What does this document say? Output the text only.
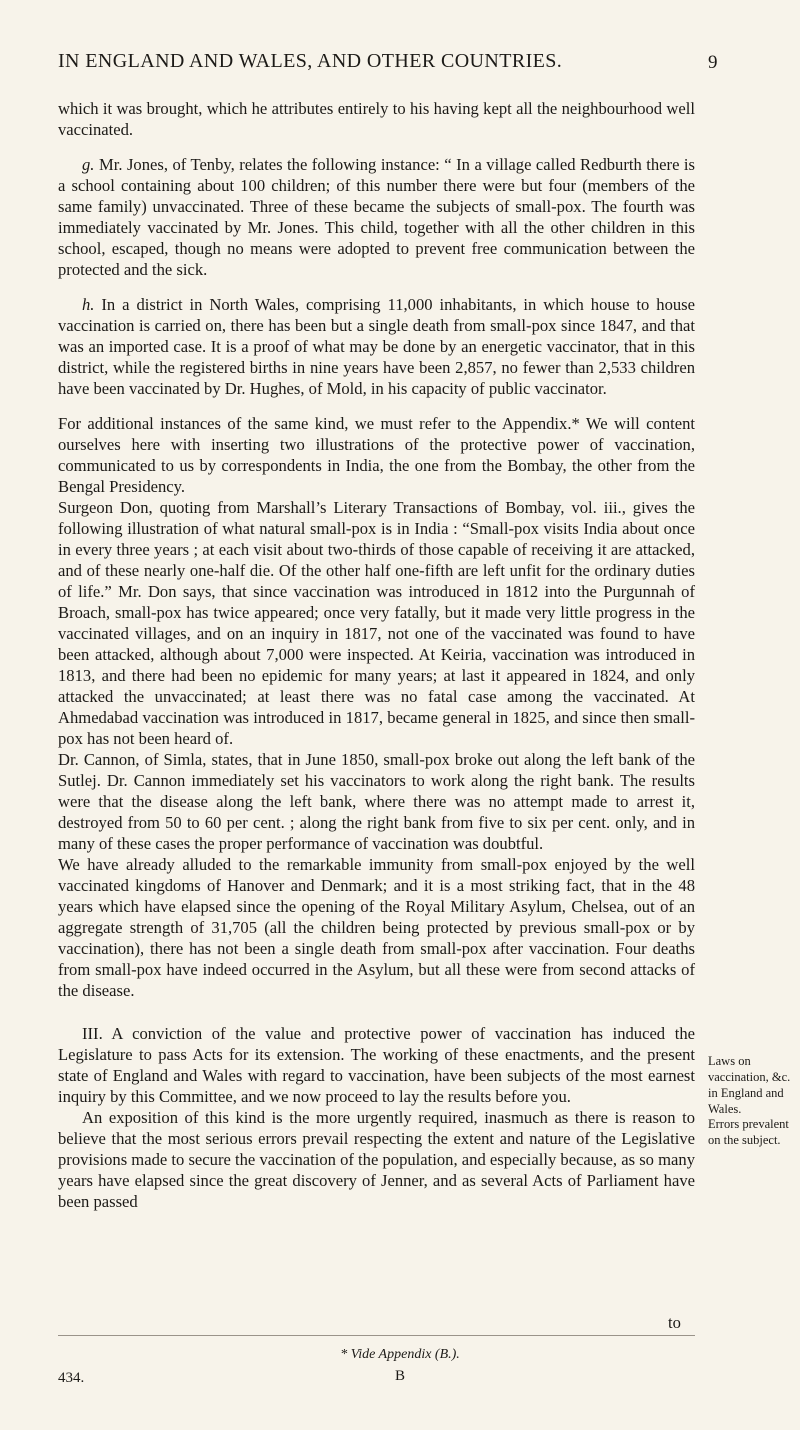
IN ENGLAND AND WALES, AND OTHER COUNTRIES.	9

which it was brought, which he attributes entirely to his having kept all the neighbourhood well vaccinated.

g. Mr. Jones, of Tenby, relates the following instance: “ In a village called Redburth there is a school containing about 100 children; of this number there were but four (members of the same family) unvaccinated. Three of these became the subjects of small-pox. The fourth was immediately vaccinated by Mr. Jones. This child, together with all the other children in this school, escaped, though no means were adopted to prevent free communication between the protected and the sick.

h. In a district in North Wales, comprising 11,000 inhabitants, in which house to house vaccination is carried on, there has been but a single death from small-pox since 1847, and that was an imported case. It is a proof of what may be done by an energetic vaccinator, that in this district, while the registered births in nine years have been 2,857, no fewer than 2,533 children have been vaccinated by Dr. Hughes, of Mold, in his capacity of public vaccinator.

For additional instances of the same kind, we must refer to the Appendix.* We will content ourselves here with inserting two illustrations of the protective power of vaccination, communicated to us by correspondents in India, the one from the Bombay, the other from the Bengal Presidency.

Surgeon Don, quoting from Marshall’s Literary Transactions of Bombay, vol. iii., gives the following illustration of what natural small-pox is in India : “Small-pox visits India about once in every three years ; at each visit about two-thirds of those capable of receiving it are attacked, and of these nearly one-half die. Of the other half one-fifth are left unfit for the ordinary duties of life.” Mr. Don says, that since vaccination was introduced in 1812 into the Purgunnah of Broach, small-pox has twice appeared; once very fatally, but it made very little progress in the vaccinated villages, and on an inquiry in 1817, not one of the vaccinated was found to have been attacked, although about 7,000 were inspected. At Keiria, vaccination was introduced in 1813, and there had been no epidemic for many years; at last it appeared in 1824, and only attacked the unvaccinated; at least there was no fatal case among the vaccinated. At Ahmedabad vaccination was introduced in 1817, became general in 1825, and since then small-pox has not been heard of.

Dr. Cannon, of Simla, states, that in June 1850, small-pox broke out along the left bank of the Sutlej. Dr. Cannon immediately set his vaccinators to work along the right bank. The results were that the disease along the left bank, where there was no attempt made to arrest it, destroyed from 50 to 60 per cent. ; along the right bank from five to six per cent. only, and in many of these cases the proper performance of vaccination was doubtful.

We have already alluded to the remarkable immunity from small-pox enjoyed by the well vaccinated kingdoms of Hanover and Denmark; and it is a most striking fact, that in the 48 years which have elapsed since the opening of the Royal Military Asylum, Chelsea, out of an aggregate strength of 31,705 (all the children being protected by previous small-pox or by vaccination), there has not been a single death from small-pox after vaccination. Four deaths from small-pox have indeed occurred in the Asylum, but all these were from second attacks of the disease.

III. A conviction of the value and protective power of vaccination has induced the Legislature to pass Acts for its extension. The working of these enactments, and the present state of England and Wales with regard to vaccination, have been subjects of the most earnest inquiry by this Committee, and we now proceed to lay the results before you.

An exposition of this kind is the more urgently required, inasmuch as there is reason to believe that the most serious errors prevail respecting the extent and nature of the Legislative provisions made to secure the vaccination of the population, and especially because, as so many years have elapsed since the great discovery of Jenner, and as several Acts of Parliament have been passed

to
Laws on vaccination, &c. in England and Wales.
Errors prevalent on the subject.
* Vide Appendix (B.).
434.	B
